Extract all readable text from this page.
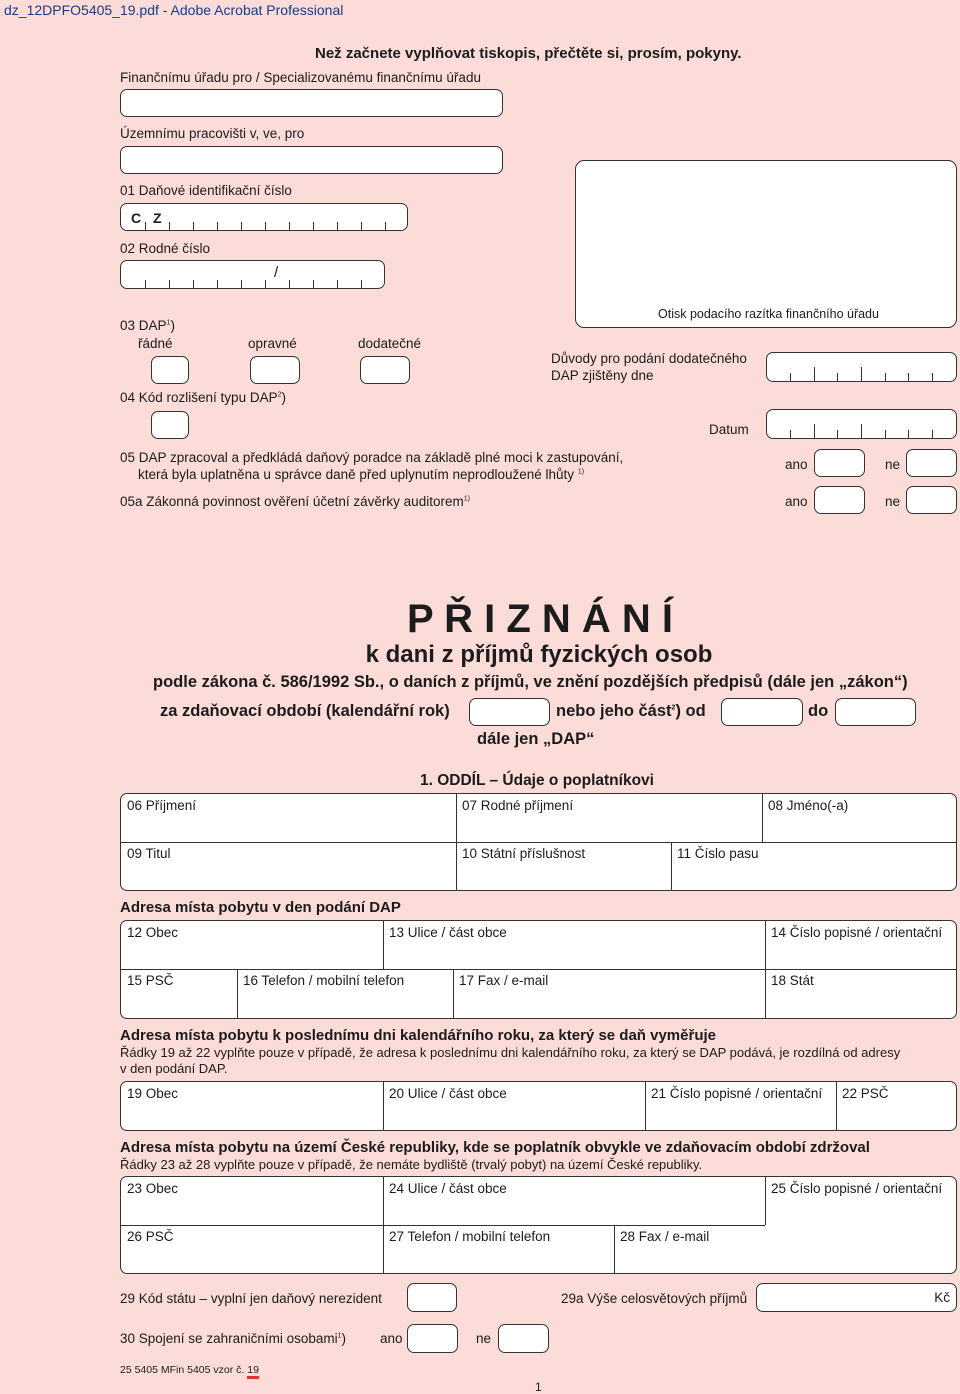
dz_12DPFO5405_19.pdf - Adobe Acrobat Professional
Než začnete vyplňovat tiskopis, přečtěte si, prosím, pokyny.
Finančnímu úřadu pro / Specializovanému finančnímu úřadu
Územnímu pracovišti v, ve, pro
01 Daňové identifikační číslo
C Z
02 Rodné číslo
/
Otisk podacího razítka finančního úřadu
03 DAP$^1$)
řádné	opravné	dodatečné
Důvody pro podání dodatečného
DAP zjištěny dne
04 Kód rozlišení typu DAP$^2$)
Datum
05 DAP zpracoval a předkládá daňový poradce na základě plné moci k zastupování,
která byla uplatněna u správce daně před uplynutím neprodloužené lhůty $^{1)}$	ano	ne
05a Zákonná povinnost ověření účetní závěrky auditorem$^{1)}$	ano	ne
P Ř I Z N Á N Í
k dani z příjmů fyzických osob
podle zákona č. 586/1992 Sb., o daních z příjmů, ve znění pozdějších předpisů (dále jen „zákon“)
za zdaňovací období (kalendářní rok)	nebo jeho část$^2$) od	do
dále jen „DAP“
1. ODDÍL – Údaje o poplatníkovi
06 Příjmení	07 Rodné příjmení	08 Jméno(-a)
09 Titul	10 Státní příslušnost	11 Číslo pasu
Adresa místa pobytu v den podání DAP
12 Obec	13 Ulice / část obce	14 Číslo popisné / orientační
15 PSČ	16 Telefon / mobilní telefon	17 Fax / e-mail	18 Stát
Adresa místa pobytu k poslednímu dni kalendářního roku, za který se daň vyměřuje
Řádky 19 až 22 vyplňte pouze v případě, že adresa k poslednímu dni kalendářního roku, za který se DAP podává, je rozdílná od adresy
v den podání DAP.
19 Obec	20 Ulice / část obce	21 Číslo popisné / orientační 22 PSČ
Adresa místa pobytu na území České republiky, kde se poplatník obvykle ve zdaňovacím období zdržoval
Řádky 23 až 28 vyplňte pouze v případě, že nemáte bydliště (trvalý pobyt) na území České republiky.
23 Obec	24 Ulice / část obce	25 Číslo popisné / orientační
26 PSČ	27 Telefon / mobilní telefon	28 Fax / e-mail
29 Kód státu – vyplní jen daňový nerezident	29a Výše celosvětových příjmů	Kč
30 Spojení se zahraničními osobami$^1$)	ano	ne
25 5405 MFin 5405 vzor č. 19
1
